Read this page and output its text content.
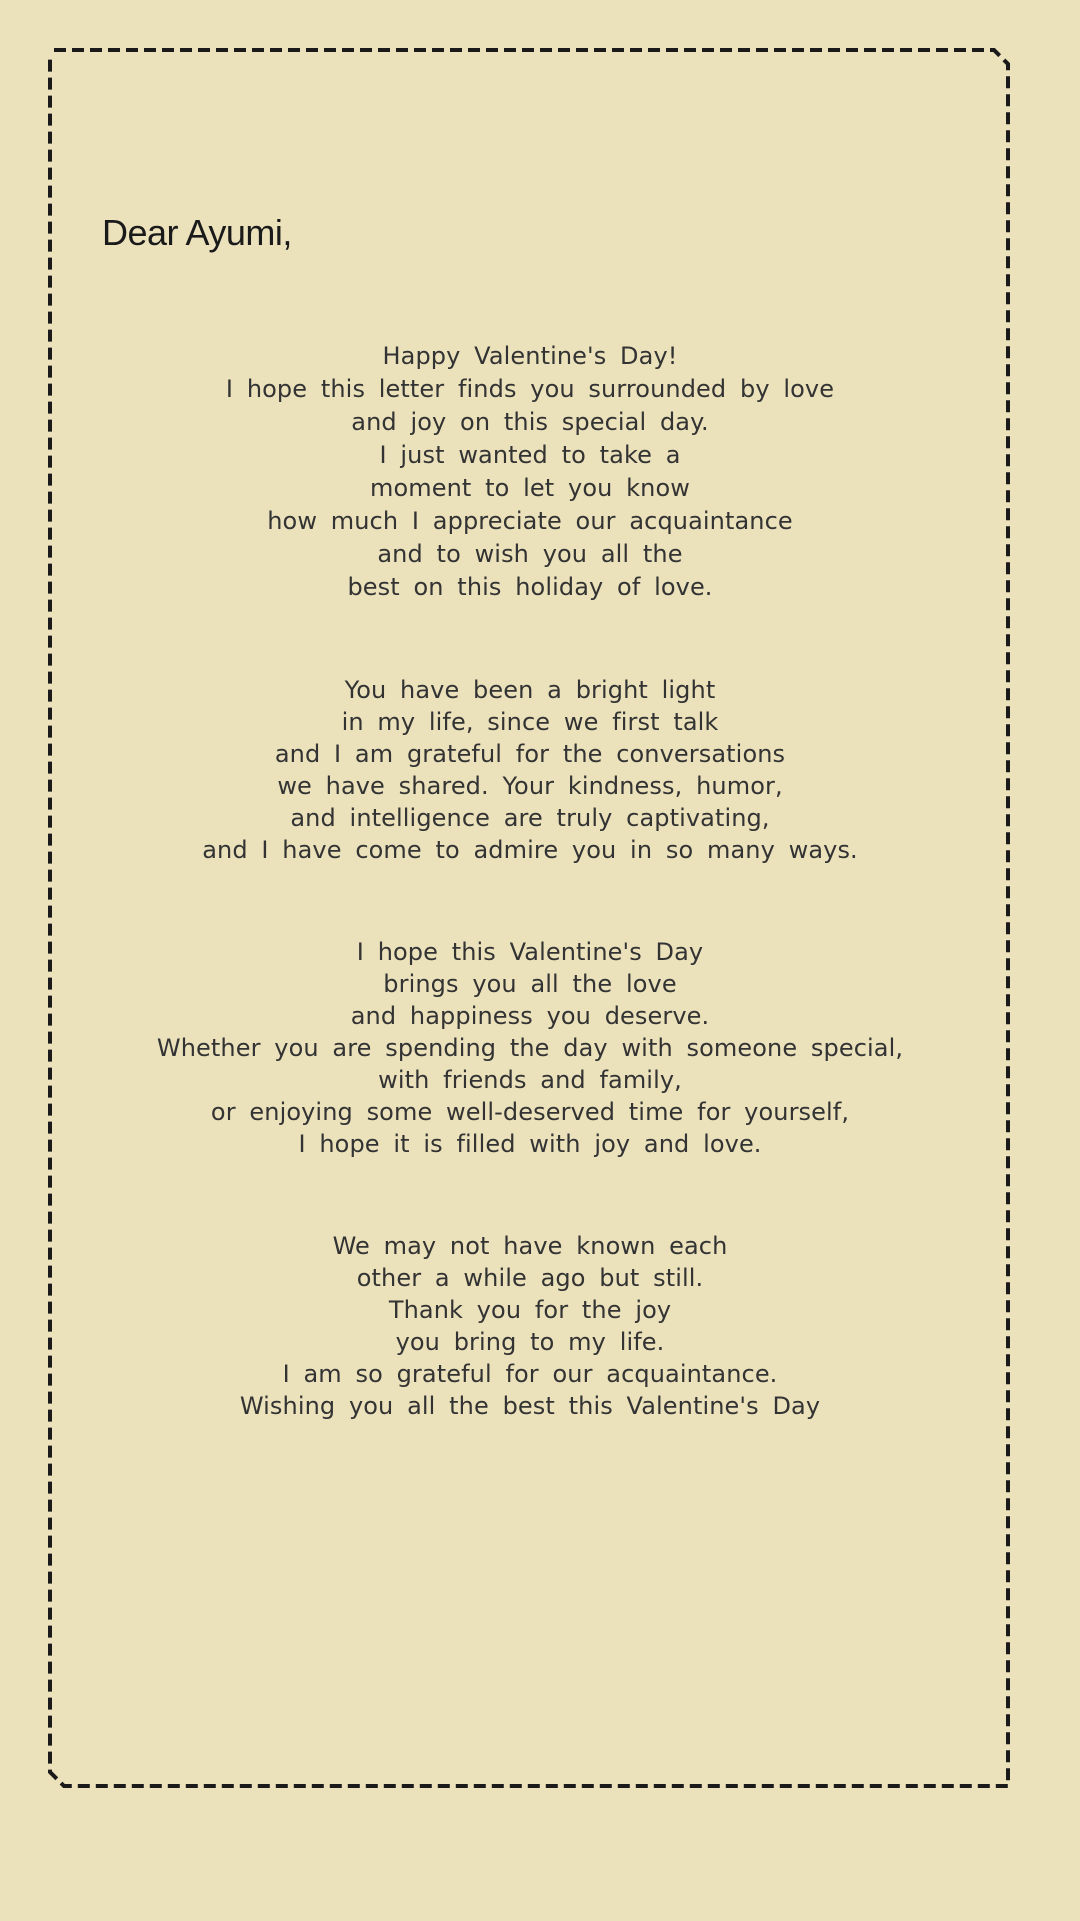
Dear Ayumi,
Happy Valentine's Day!
I hope this letter finds you surrounded by love
and joy on this special day.
I just wanted to take a
moment to let you know
how much I appreciate our acquaintance
and to wish you all the
best on this holiday of love.
You have been a bright light
in my life, since we first talk
and I am grateful for the conversations
we have shared. Your kindness, humor,
and intelligence are truly captivating,
and I have come to admire you in so many ways.
I hope this Valentine's Day
brings you all the love
and happiness you deserve.
Whether you are spending the day with someone special,
with friends and family,
or enjoying some well-deserved time for yourself,
I hope it is filled with joy and love.
We may not have known each
other a while ago but still.
Thank you for the joy
you bring to my life.
I am so grateful for our acquaintance.
Wishing you all the best this Valentine's Day
